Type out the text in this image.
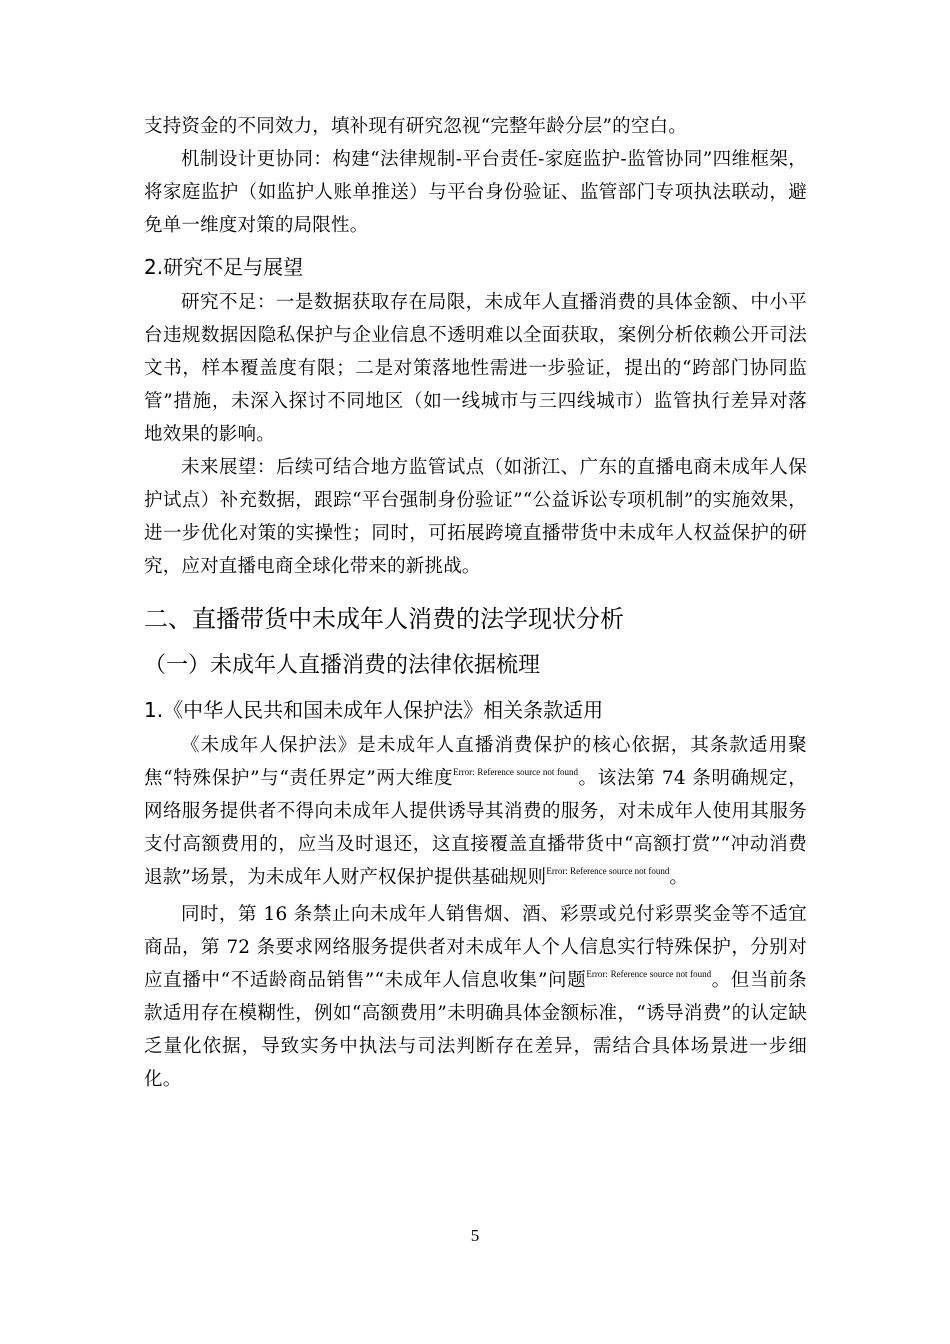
支持资金的不同效力，填补现有研究忽视“完整年龄分层”的空白。

机制设计更协同：构建“法律规制-平台责任-家庭监护-监管协同”四维框架，将家庭监护（如监护人账单推送）与平台身份验证、监管部门专项执法联动，避免单一维度对策的局限性。

2.研究不足与展望

研究不足：一是数据获取存在局限，未成年人直播消费的具体金额、中小平台违规数据因隐私保护与企业信息不透明难以全面获取，案例分析依赖公开司法文书，样本覆盖度有限；二是对策落地性需进一步验证，提出的“跨部门协同监管”措施，未深入探讨不同地区（如一线城市与三四线城市）监管执行差异对落地效果的影响。

未来展望：后续可结合地方监管试点（如浙江、广东的直播电商未成年人保护试点）补充数据，跟踪“平台强制身份验证”“公益诉讼专项机制”的实施效果，进一步优化对策的实操性；同时，可拓展跨境直播带货中未成年人权益保护的研究，应对直播电商全球化带来的新挑战。

二、直播带货中未成年人消费的法学现状分析
（一）未成年人直播消费的法律依据梳理
1.《中华人民共和国未成年人保护法》相关条款适用

《未成年人保护法》是未成年人直播消费保护的核心依据，其条款适用聚焦“特殊保护”与“责任界定”两大维度$^{Error: Reference source not found}$。该法第 74 条明确规定，网络服务提供者不得向未成年人提供诱导其消费的服务，对未成年人使用其服务支付高额费用的，应当及时退还，这直接覆盖直播带货中“高额打赏”“冲动消费退款”场景，为未成年人财产权保护提供基础规则$^{Error: Reference source not found}$。

同时，第 16 条禁止向未成年人销售烟、酒、彩票或兑付彩票奖金等不适宜商品，第 72 条要求网络服务提供者对未成年人个人信息实行特殊保护，分别对应直播中“不适龄商品销售”“未成年人信息收集”问题$^{Error: Reference source not found}$。但当前条款适用存在模糊性，例如“高额费用”未明确具体金额标准，“诱导消费”的认定缺乏量化依据，导致实务中执法与司法判断存在差异，需结合具体场景进一步细化。

5
